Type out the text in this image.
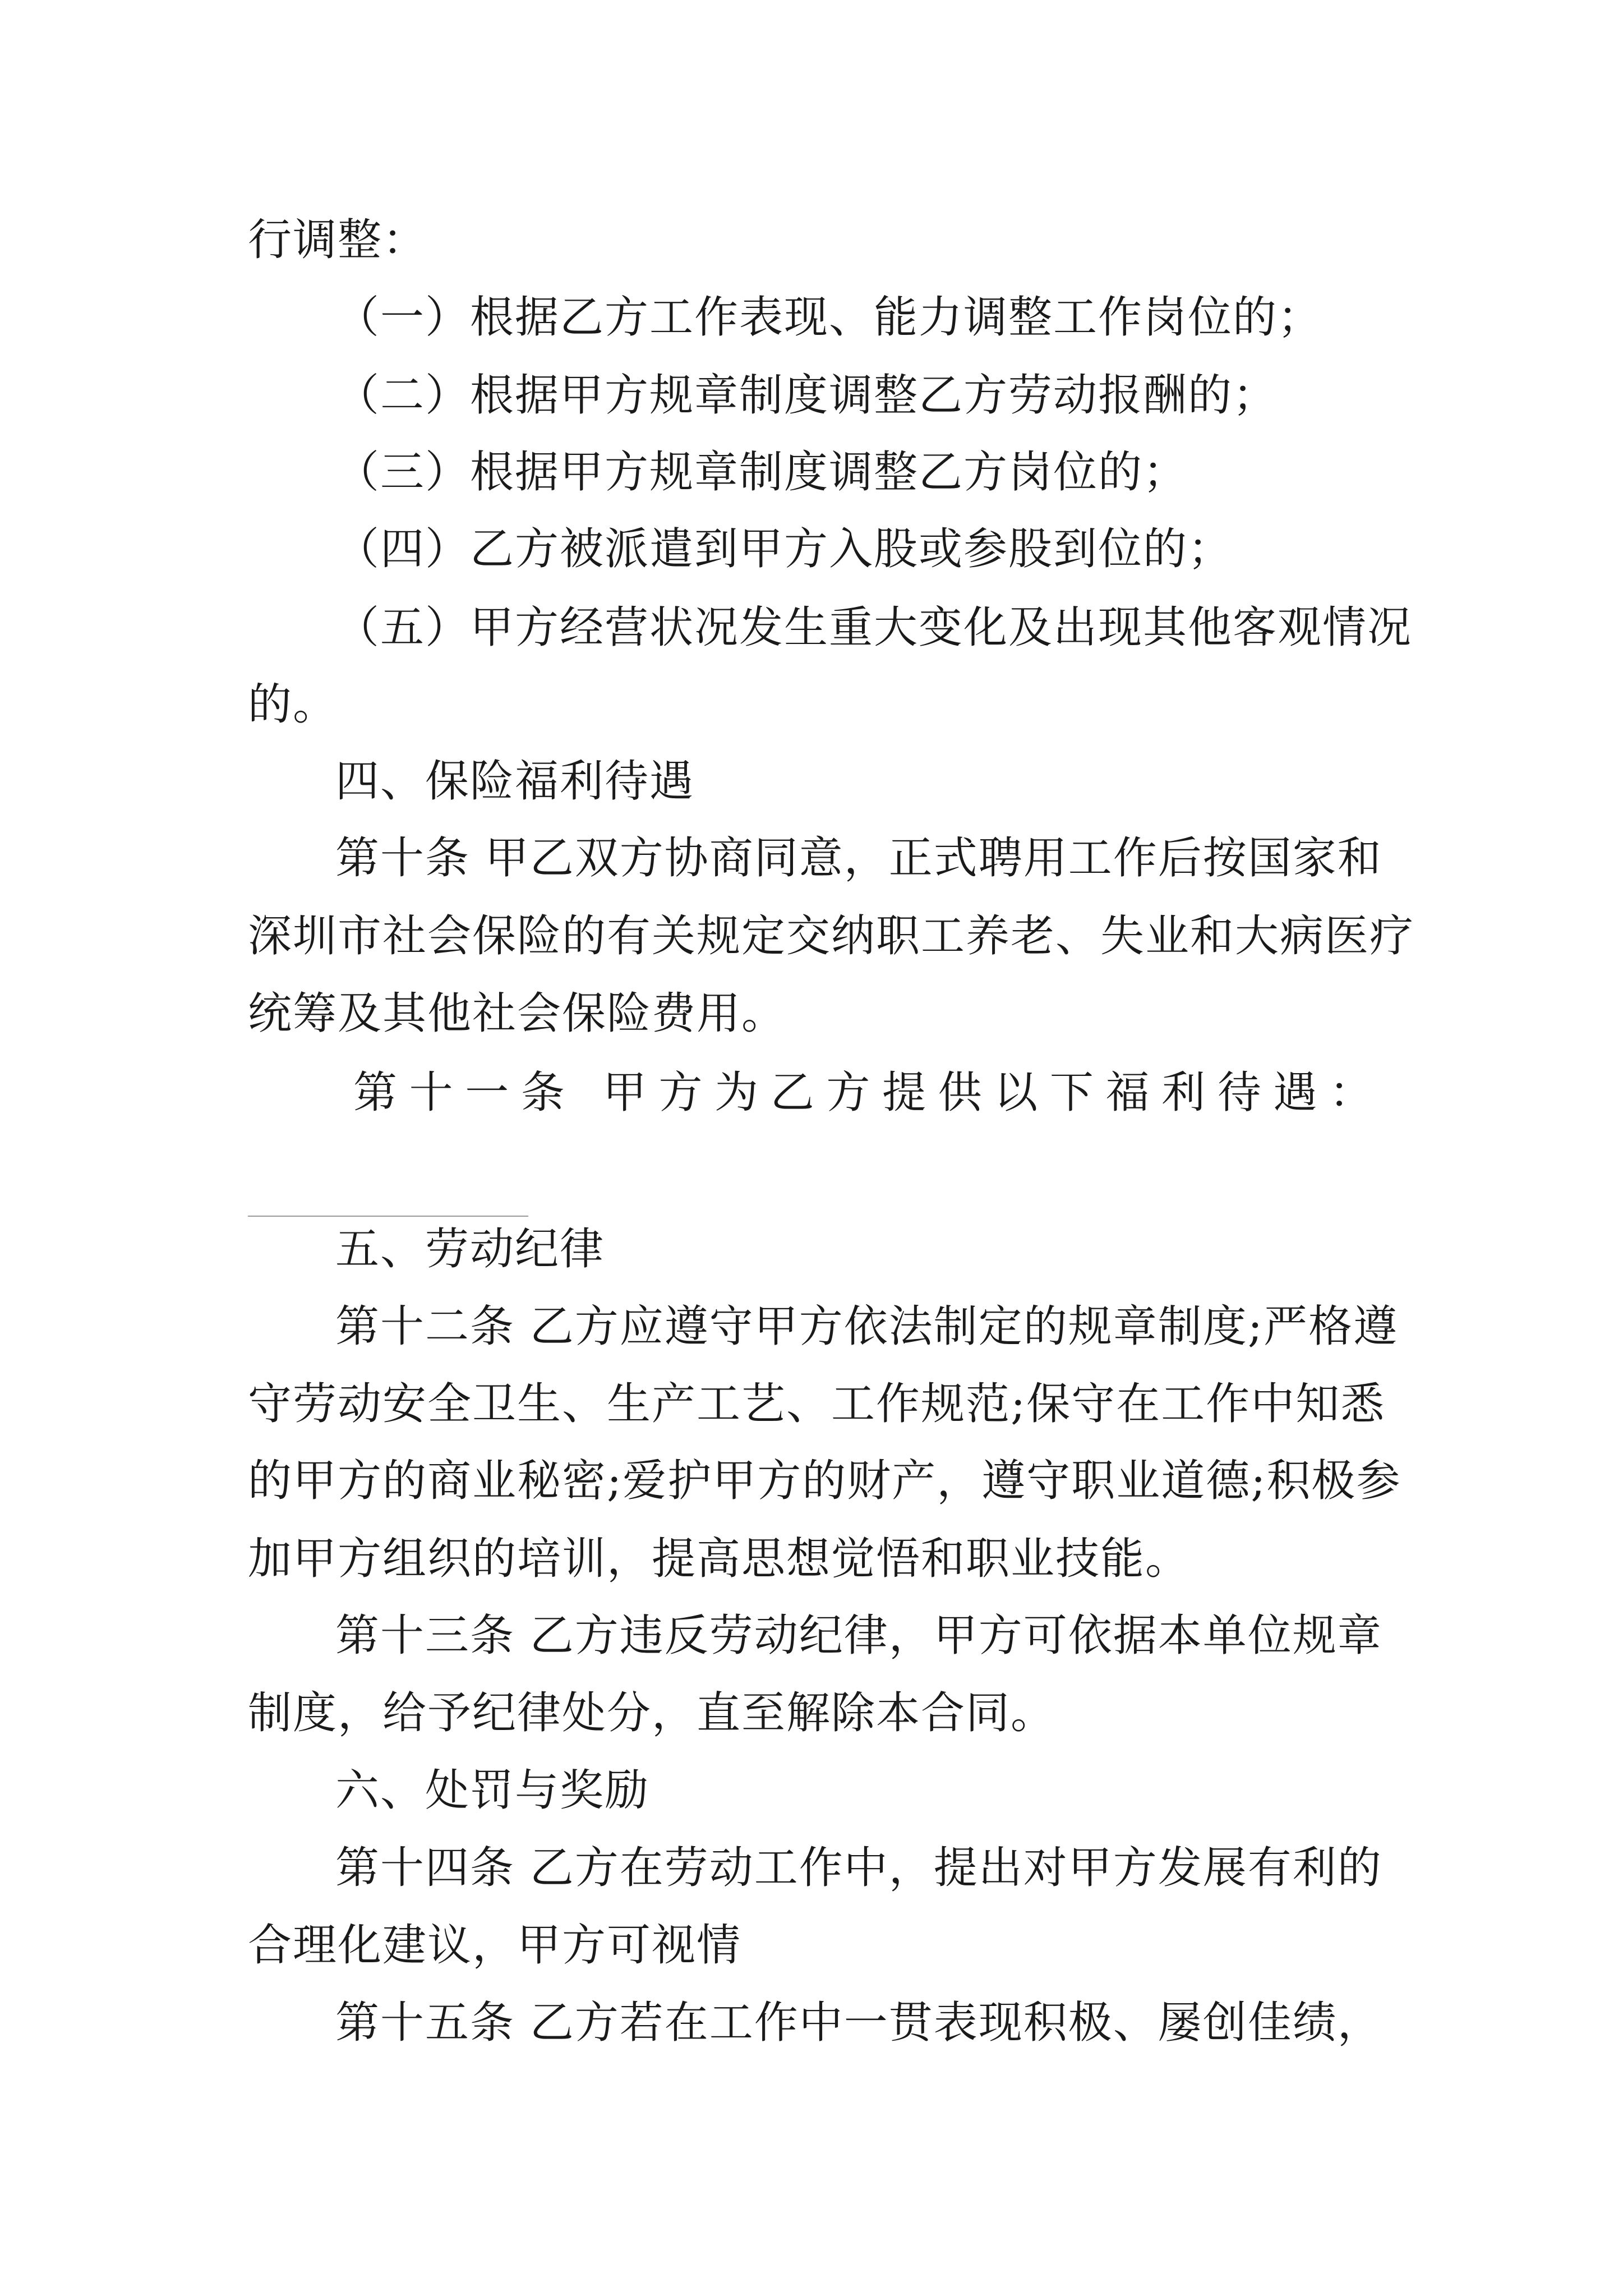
行调整：
（一）根据乙方工作表现、能力调整工作岗位的；
（二）根据甲方规章制度调整乙方劳动报酬的；
（三）根据甲方规章制度调整乙方岗位的；
（四）乙方被派遣到甲方入股或参股到位的；
（五）甲方经营状况发生重大变化及出现其他客观情况
的。
四、保险福利待遇
第十条 甲乙双方协商同意，正式聘用工作后按国家和
深圳市社会保险的有关规定交纳职工养老、失业和大病医疗
统筹及其他社会保险费用。
第十一条 甲方为乙方提供以下福利待遇：
五、劳动纪律
第十二条 乙方应遵守甲方依法制定的规章制度;严格遵
守劳动安全卫生、生产工艺、工作规范;保守在工作中知悉
的甲方的商业秘密;爱护甲方的财产，遵守职业道德;积极参
加甲方组织的培训，提高思想觉悟和职业技能。
第十三条 乙方违反劳动纪律，甲方可依据本单位规章
制度，给予纪律处分，直至解除本合同。
六、处罚与奖励
第十四条 乙方在劳动工作中，提出对甲方发展有利的
合理化建议，甲方可视情
第十五条 乙方若在工作中一贯表现积极、屡创佳绩，
